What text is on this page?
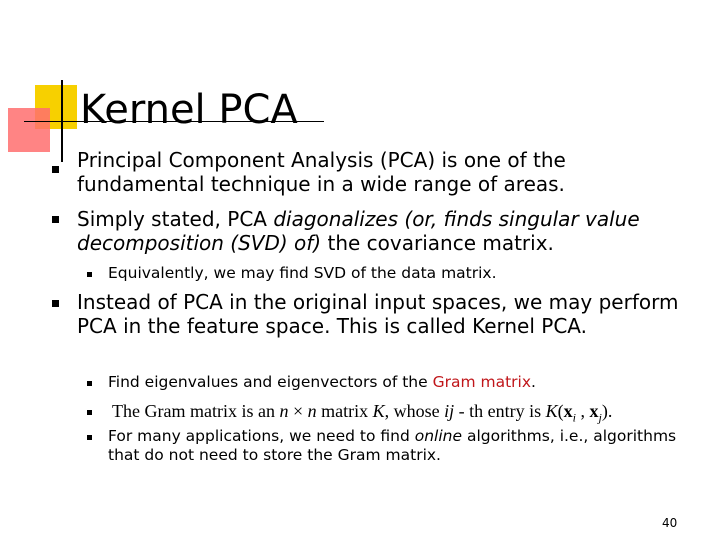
Kernel PCA
Principal Component Analysis (PCA) is one of the fundamental technique in a wide range of areas.
Simply stated, PCA diagonalizes (or, finds singular value decomposition (SVD) of) the covariance matrix.
Equivalently, we may find SVD of the data matrix.
Instead of PCA in the original input spaces, we may perform PCA in the feature space. This is called Kernel PCA.
Find eigenvalues and eigenvectors of the Gram matrix.
The Gram matrix is an n × n matrix K, whose ij - th entry is $K(x_i$ , $x_j$).
For many applications, we need to find online algorithms, i.e., algorithms that do not need to store the Gram matrix.
40
